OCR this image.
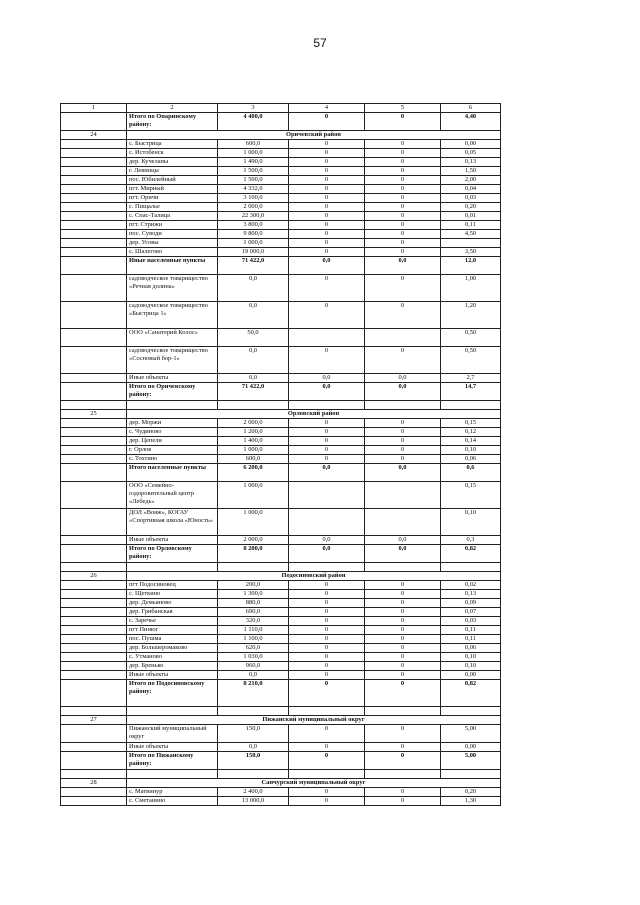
57
1	2	3	4	5	6
	Итого по Опаринскому району:	4 400,0	0	0	4,40
24	Оричевский район				
	с. Быстрица	600,0	0	0	0,00
	с. Истобенск	1 000,0	0	0	0,05
	дер. Кучелапы	1 490,0	0	0	0,13
	г. Левинцы	1 500,0	0	0	1,50
	пос. Юбилейный	1 500,0	0	0	2,00
	пгт. Мирный	4 332,0	0	0	0,04
	пгт. Оричи	3 100,0	0	0	0,03
	с. Пищалье	2 000,0	0	0	0,20
	с. Спас-Талица	22 300,0	0	0	0,01
	пгт. Стрижи	3 800,0	0	0	0,11
	пос. Суводи	9 800,0	0	0	4,50
	дер. Усовы	1 000,0	0	0	
	с. Шалегово	19 000,0	0	0	3,50
	Иные населенные пункты	71 422,0	0,0	0,0	12,0
	садоводческое товарищество «Речная долина»	0,0	0	0	1,00
	садоводческое товарищество «Быстрица 1»	0,0	0	0	1,20
	ООО «Санаторий Колос»	50,0			0,50
	садоводческое товарищество «Сосновый бор-1»	0,0	0	0	0,50
	Иные объекты	0,0	0,0	0,0	2,7
	Итого по Оричевскому району:	71 422,0	0,0	0,0	14,7

25	Орловский район				
	дер. Моржи	2 000,0	0	0	0,15
	с. Чудиново	1 200,0	0	0	0,12
	дер. Цепели	1 400,0	0	0	0,14
	г. Орлов	1 000,0	0	0	0,10
	с. Тохтино	600,0	0	0	0,06
	Итого населенные пункты	6 200,0	0,0	0,0	0,6
	ООО «Семейно-оздоровительный центр «Лебедь»	1 000,0			0,15
	ДОЛ «Вояж», КОГАУ «Спортивная школа «Юность»	1 000,0			0,10
	Иные объекты	2 000,0	0,0	0,0	0,3
	Итого по Орловскому району:	8 200,0	0,0	0,0	0,82

26	Подосиновский район				
	пгт Подосиновец	200,0	0	0	0,02
	с. Щеткино	1 300,0	0	0	0,13
	дер. Демьяново	880,0	0	0	0,09
	дер. Грибанская	690,0	0	0	0,07
	с. Заречье	320,0	0	0	0,03
	пгт Пинюг	1 110,0	0	0	0,11
	пос. Пушма	1 100,0	0	0	0,11
	дер. Большеромаково	620,0	0	0	0,06
	с. Утманово	1 030,0	0	0	0,10
	дер. Бренько	960,0	0	0	0,10
	Иные объекты	0,0	0	0	0,00
	Итого по Подосиновскому району:	8 210,0	0	0	0,82

27	Пижанский муниципальный округ				
	Пижанский муниципальный округ	150,0	0	0	5,00
	Иные объекты	0,0	0	0	0,00
	Итого по Пижанскому району:	150,0	0	0	5,00

28	Санчурский муниципальный округ				
	с. Матвинур	2 400,0	0	0	0,20
	с. Сметанино	13 000,0	0	0	1,30
